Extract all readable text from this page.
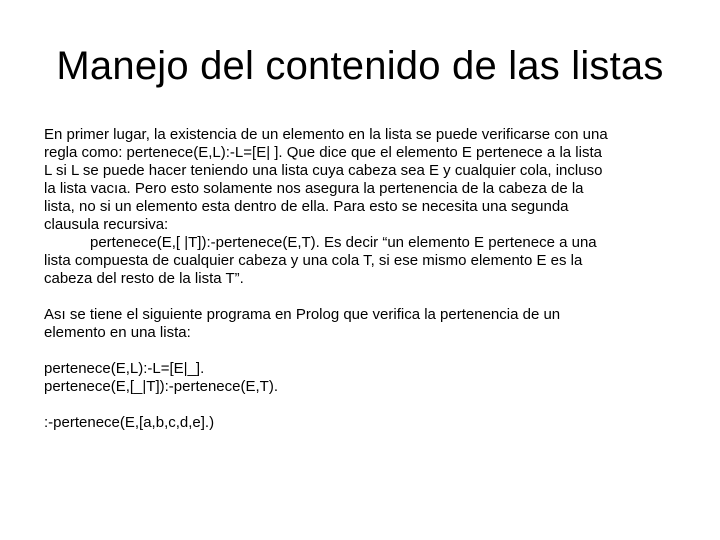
Manejo del contenido de las listas

En primer lugar, la existencia de un elemento en la lista se puede verificarse con una
regla como: pertenece(E,L):-L=[E| ]. Que dice que el elemento E pertenece a la lista
L si L se puede hacer teniendo una lista cuya cabeza sea E y cualquier cola, incluso
la lista vacıa. Pero esto solamente nos asegura la pertenencia de la cabeza de la
lista, no si un elemento esta dentro de ella. Para esto se necesita una segunda
clausula recursiva:
pertenece(E,[ |T]):-pertenece(E,T). Es decir “un elemento E pertenece a una
lista compuesta de cualquier cabeza y una cola T, si ese mismo elemento E es la
cabeza del resto de la lista T”.

Ası se tiene el siguiente programa en Prolog que verifica la pertenencia de un
elemento en una lista:

pertenece(E,L):-L=[E|_].
pertenece(E,[_|T]):-pertenece(E,T).

:-pertenece(E,[a,b,c,d,e].)
